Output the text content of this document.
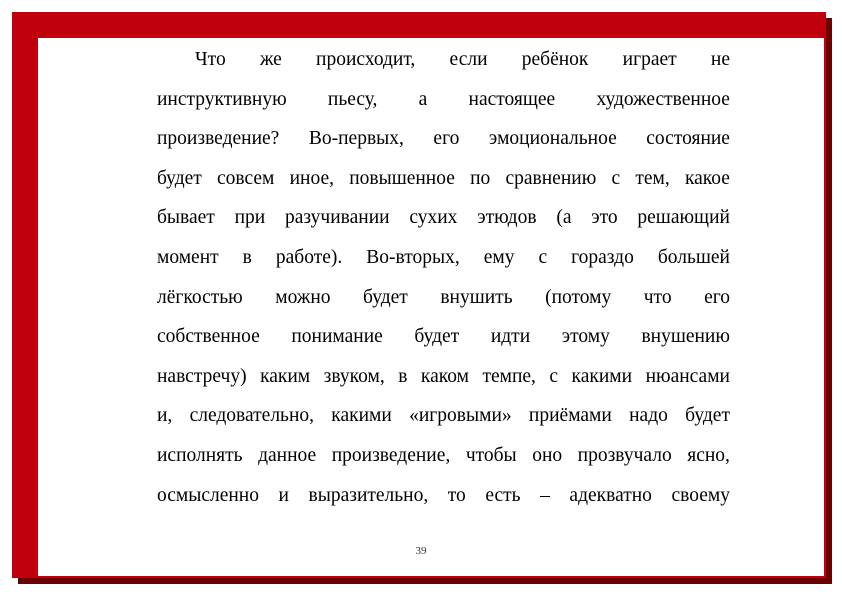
Что же происходит, если ребёнок играет не
инструктивную пьесу, а настоящее художественное
произведение? Во-первых, его эмоциональное состояние
будет совсем иное, повышенное по сравнению с тем, какое
бывает при разучивании сухих этюдов (а это решающий
момент в работе). Во-вторых, ему с гораздо большей
лёгкостью можно будет внушить (потому что его
собственное понимание будет идти этому внушению
навстречу) каким звуком, в каком темпе, с какими нюансами
и, следовательно, какими «игровыми» приёмами надо будет
исполнять данное произведение, чтобы оно прозвучало ясно,
осмысленно и выразительно, то есть – адекватно своему
39
